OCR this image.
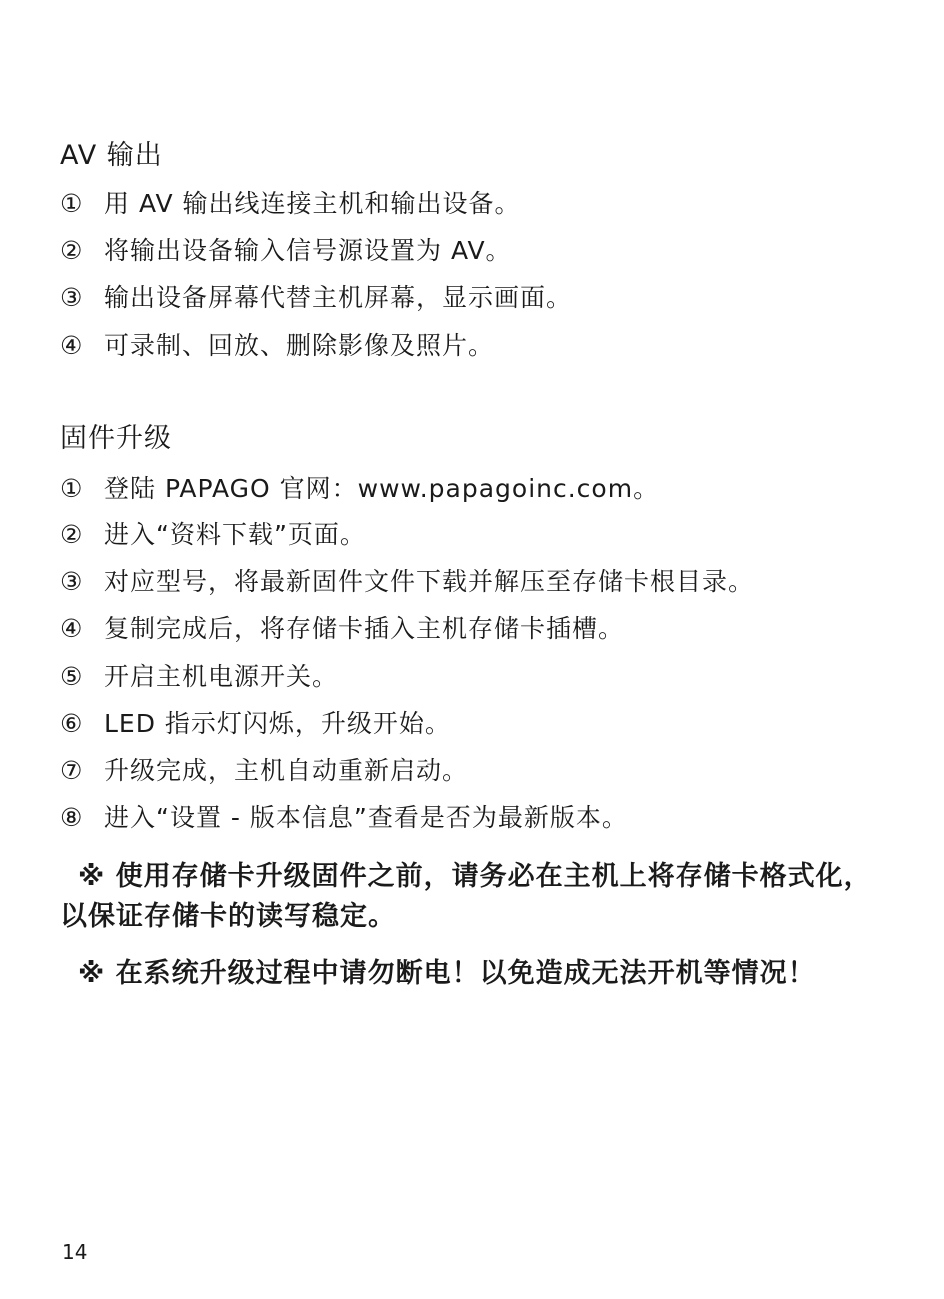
AV 输出
① 用 AV 输出线连接主机和输出设备。
② 将输出设备输入信号源设置为 AV。
③ 输出设备屏幕代替主机屏幕，显示画面。
④ 可录制、回放、删除影像及照片。
固件升级
① 登陆 PAPAGO 官网：www.papagoinc.com。
② 进入“资料下载”页面。
③ 对应型号，将最新固件文件下载并解压至存储卡根目录。
④ 复制完成后，将存储卡插入主机存储卡插槽。
⑤ 开启主机电源开关。
⑥ LED 指示灯闪烁，升级开始。
⑦ 升级完成，主机自动重新启动。
⑧ 进入“设置 - 版本信息”查看是否为最新版本。
※ 使用存储卡升级固件之前，请务必在主机上将存储卡格式化，以保证存储卡的读写稳定。
※ 在系统升级过程中请勿断电！以免造成无法开机等情况！
14
